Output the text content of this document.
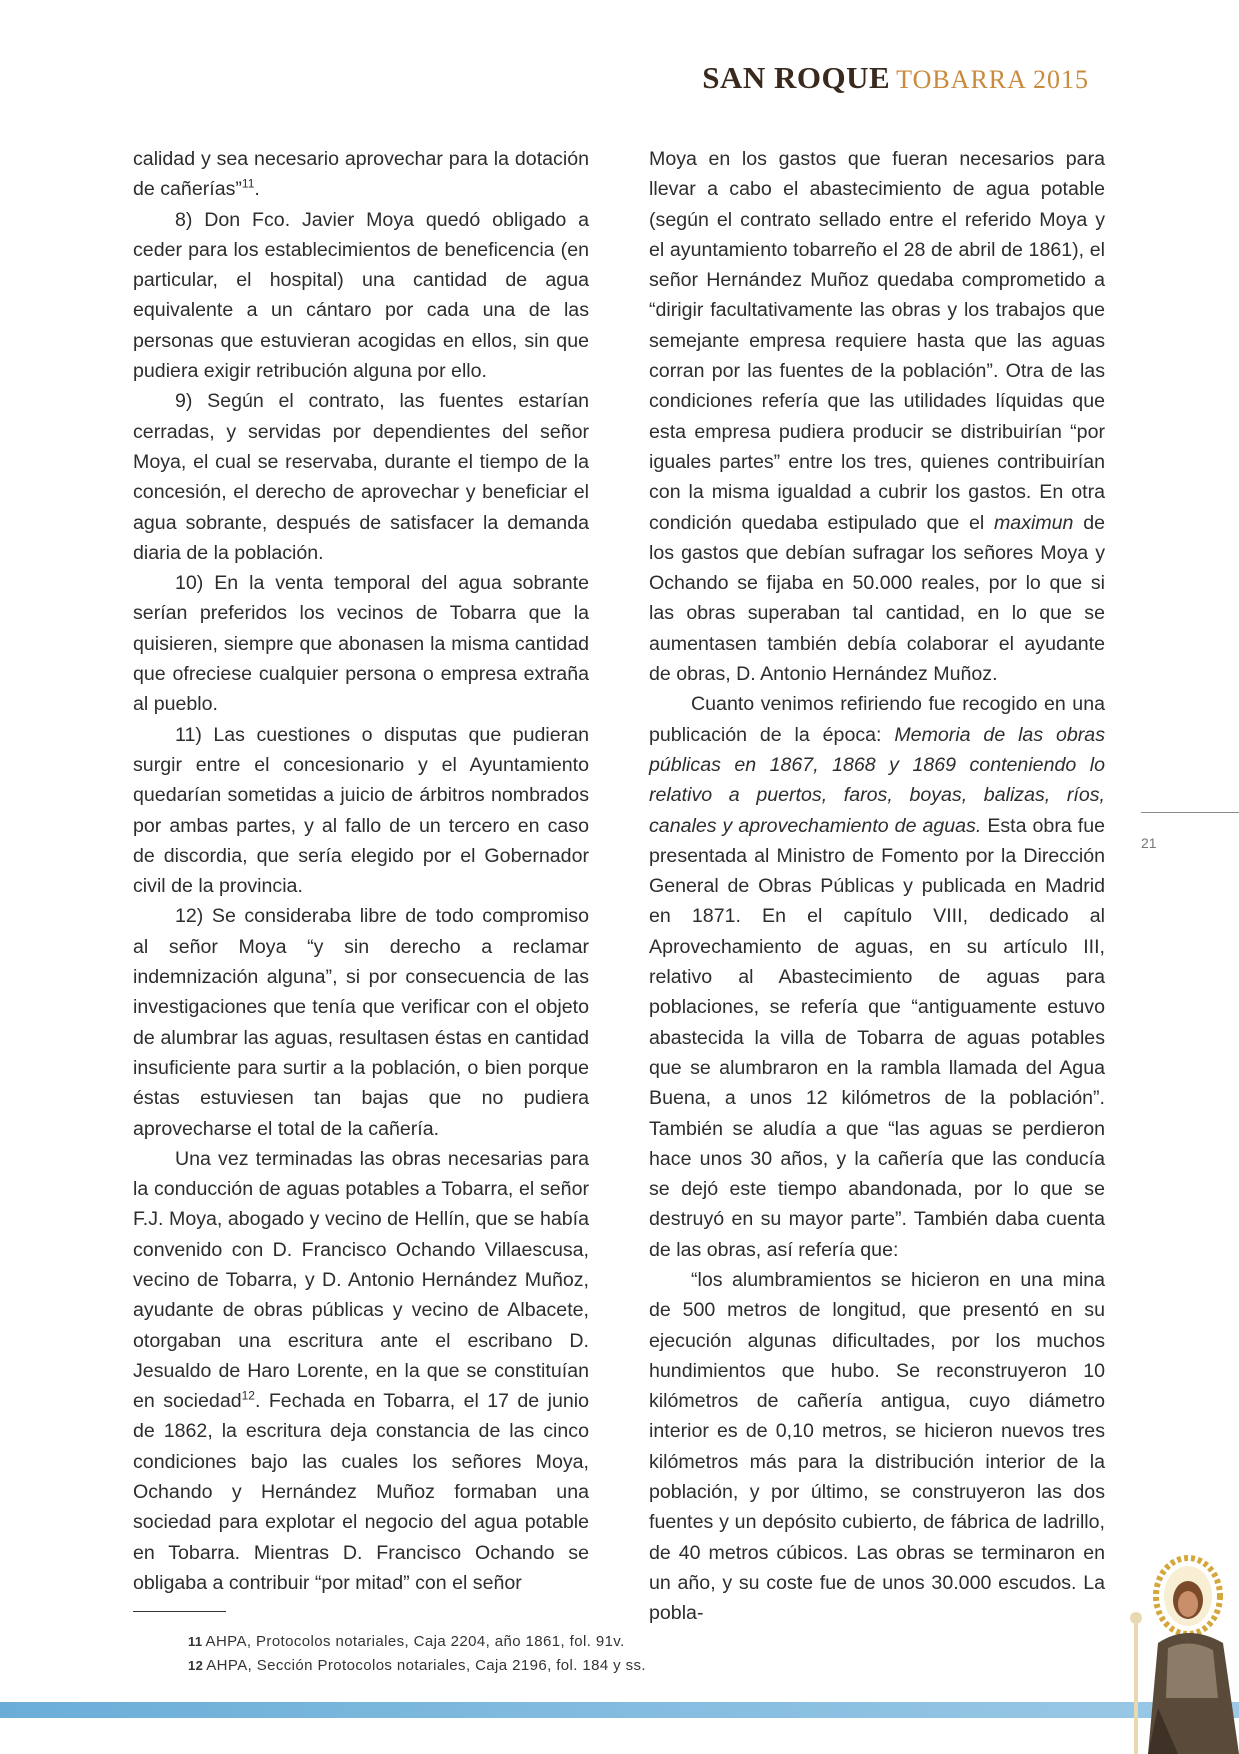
SAN ROQUE TOBARRA 2015

calidad y sea necesario aprovechar para la dotación de cañerías”$^{11}$.

8) Don Fco. Javier Moya quedó obligado a ceder para los establecimientos de beneficencia (en particular, el hospital) una cantidad de agua equivalente a un cántaro por cada una de las personas que estuvieran acogidas en ellos, sin que pudiera exigir retribución alguna por ello.

9) Según el contrato, las fuentes estarían cerradas, y servidas por dependientes del señor Moya, el cual se reservaba, durante el tiempo de la concesión, el derecho de aprovechar y beneficiar el agua sobrante, después de satisfacer la demanda diaria de la población.

10) En la venta temporal del agua sobrante serían preferidos los vecinos de Tobarra que la quisieren, siempre que abonasen la misma cantidad que ofreciese cualquier persona o empresa extraña al pueblo.

11) Las cuestiones o disputas que pudieran surgir entre el concesionario y el Ayuntamiento quedarían sometidas a juicio de árbitros nombrados por ambas partes, y al fallo de un tercero en caso de discordia, que sería elegido por el Gobernador civil de la provincia.

12) Se consideraba libre de todo compromiso al señor Moya “y sin derecho a reclamar indemnización alguna”, si por consecuencia de las investigaciones que tenía que verificar con el objeto de alumbrar las aguas, resultasen éstas en cantidad insuficiente para surtir a la población, o bien porque éstas estuviesen tan bajas que no pudiera aprovecharse el total de la cañería.

Una vez terminadas las obras necesarias para la conducción de aguas potables a Tobarra, el señor F.J. Moya, abogado y vecino de Hellín, que se había convenido con D. Francisco Ochando Villaescusa, vecino de Tobarra, y D. Antonio Hernández Muñoz, ayudante de obras públicas y vecino de Albacete, otorgaban una escritura ante el escribano D. Jesualdo de Haro Lorente, en la que se constituían en sociedad$^{12}$. Fechada en Tobarra, el 17 de junio de 1862, la escritura deja constancia de las cinco condiciones bajo las cuales los señores Moya, Ochando y Hernández Muñoz formaban una sociedad para explotar el negocio del agua potable en Tobarra. Mientras D. Francisco Ochando se obligaba a contribuir “por mitad” con el señor

Moya en los gastos que fueran necesarios para llevar a cabo el abastecimiento de agua potable (según el contrato sellado entre el referido Moya y el ayuntamiento tobarreño el 28 de abril de 1861), el señor Hernández Muñoz quedaba comprometido a “dirigir facultativamente las obras y los trabajos que semejante empresa requiere hasta que las aguas corran por las fuentes de la población”. Otra de las condiciones refería que las utilidades líquidas que esta empresa pudiera producir se distribuirían “por iguales partes” entre los tres, quienes contribuirían con la misma igualdad a cubrir los gastos. En otra condición quedaba estipulado que el maximun de los gastos que debían sufragar los señores Moya y Ochando se fijaba en 50.000 reales, por lo que si las obras superaban tal cantidad, en lo que se aumentasen también debía colaborar el ayudante de obras, D. Antonio Hernández Muñoz.

Cuanto venimos refiriendo fue recogido en una publicación de la época: Memoria de las obras públicas en 1867, 1868 y 1869 conteniendo lo relativo a puertos, faros, boyas, balizas, ríos, canales y aprovechamiento de aguas. Esta obra fue presentada al Ministro de Fomento por la Dirección General de Obras Públicas y publicada en Madrid en 1871. En el capítulo VIII, dedicado al Aprovechamiento de aguas, en su artículo III, relativo al Abastecimiento de aguas para poblaciones, se refería que “antiguamente estuvo abastecida la villa de Tobarra de aguas potables que se alumbraron en la rambla llamada del Agua Buena, a unos 12 kilómetros de la población”. También se aludía a que “las aguas se perdieron hace unos 30 años, y la cañería que las conducía se dejó este tiempo abandonada, por lo que se destruyó en su mayor parte”. También daba cuenta de las obras, así refería que:

“los alumbramientos se hicieron en una mina de 500 metros de longitud, que presentó en su ejecución algunas dificultades, por los muchos hundimientos que hubo. Se reconstruyeron 10 kilómetros de cañería antigua, cuyo diámetro interior es de 0,10 metros, se hicieron nuevos tres kilómetros más para la distribución interior de la población, y por último, se construyeron las dos fuentes y un depósito cubierto, de fábrica de ladrillo, de 40 metros cúbicos. Las obras se terminaron en un año, y su coste fue de unos 30.000 escudos. La pobla-

21
11 AHPA, Protocolos notariales, Caja 2204, año 1861, fol. 91v.
12 AHPA, Sección Protocolos notariales, Caja 2196, fol. 184 y ss.
